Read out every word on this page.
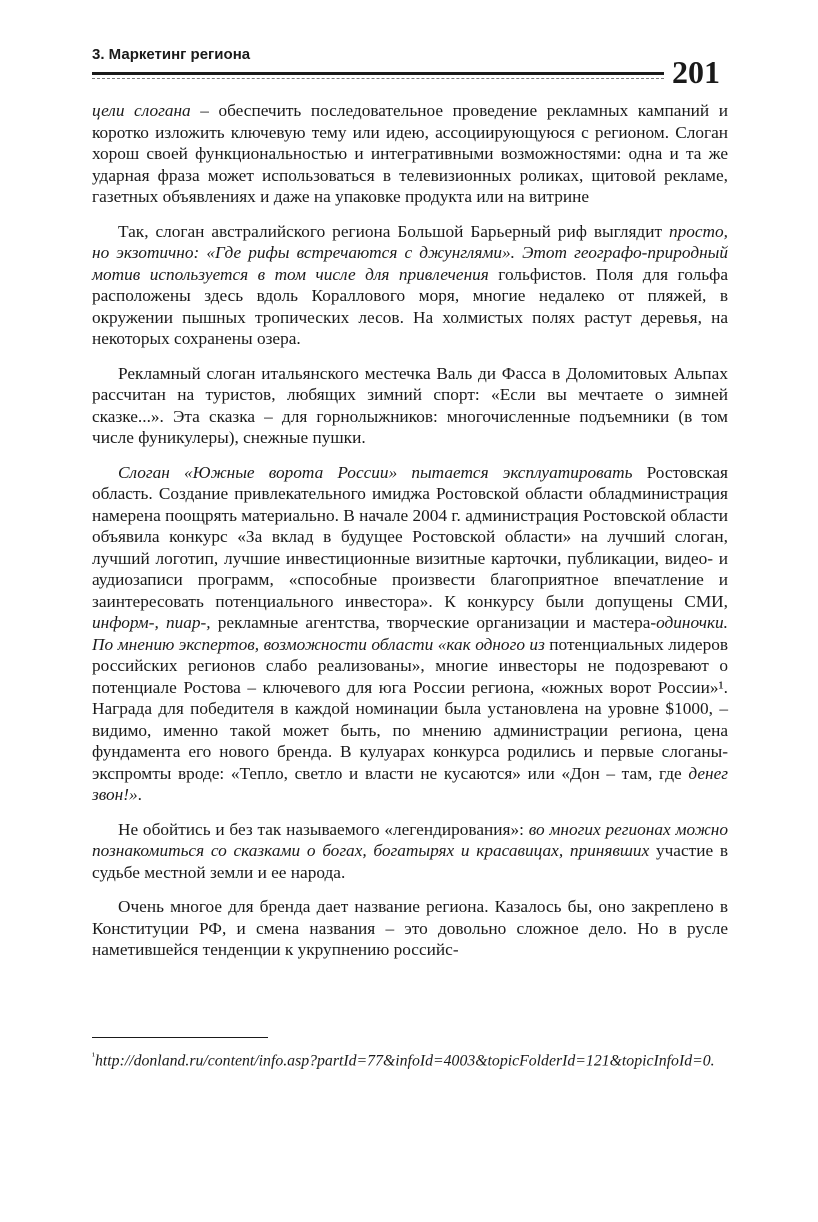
3. Маркетинг региона	201

цели слогана – обеспечить последовательное проведение рекламных кампаний и коротко изложить ключевую тему или идею, ассоциирующуюся с регионом. Слоган хорош своей функциональностью и интегративными возможностями: одна и та же ударная фраза может использоваться в телевизионных роликах, щитовой рекламе, газетных объявлениях и даже на упаковке продукта или на витрине

Так, слоган австралийского региона Большой Барьерный риф выглядит просто, но экзотично: «Где рифы встречаются с джунглями». Этот географо-природный мотив используется в том числе для привлечения гольфистов. Поля для гольфа расположены здесь вдоль Кораллового моря, многие недалеко от пляжей, в окружении пышных тропических лесов. На холмистых полях растут деревья, на некоторых сохранены озера.

Рекламный слоган итальянского местечка Валь ди Фасса в Доломитовых Альпах рассчитан на туристов, любящих зимний спорт: «Если вы мечтаете о зимней сказке...». Эта сказка – для горнолыжников: многочисленные подъемники (в том числе фуникулеры), снежные пушки.

Слоган «Южные ворота России» пытается эксплуатировать Ростовская область. Создание привлекательного имиджа Ростовской области обладминистрация намерена поощрять материально. В начале 2004 г. администрация Ростовской области объявила конкурс «За вклад в будущее Ростовской области» на лучший слоган, лучший логотип, лучшие инвестиционные визитные карточки, публикации, видео- и аудиозаписи программ, «способные произвести благоприятное впечатление и заинтересовать потенциального инвестора». К конкурсу были допущены СМИ, информ-, пиар-, рекламные агентства, творческие организации и мастера-одиночки. По мнению экспертов, возможности области «как одного из потенциальных лидеров российских регионов слабо реализованы», многие инвесторы не подозревают о потенциале Ростова – ключевого для юга России региона, «южных ворот России»¹. Награда для победителя в каждой номинации была установлена на уровне $1000, – видимо, именно такой может быть, по мнению администрации региона, цена фундамента его нового бренда. В кулуарах конкурса родились и первые слоганы-экспромты вроде: «Тепло, светло и власти не кусаются» или «Дон – там, где денег звон!».

Не обойтись и без так называемого «легендирования»: во многих регионах можно познакомиться со сказками о богах, богатырях и красавицах, принявших участие в судьбе местной земли и ее народа.

Очень многое для бренда дает название региона. Казалось бы, оно закреплено в Конституции РФ, и смена названия – это довольно сложное дело. Но в русле наметившейся тенденции к укрупнению российс-

$^{^1}$http://donland.ru/content/info.asp?partId=77&infoId=4003&topicFolderId=121&topicInfoId=0.
